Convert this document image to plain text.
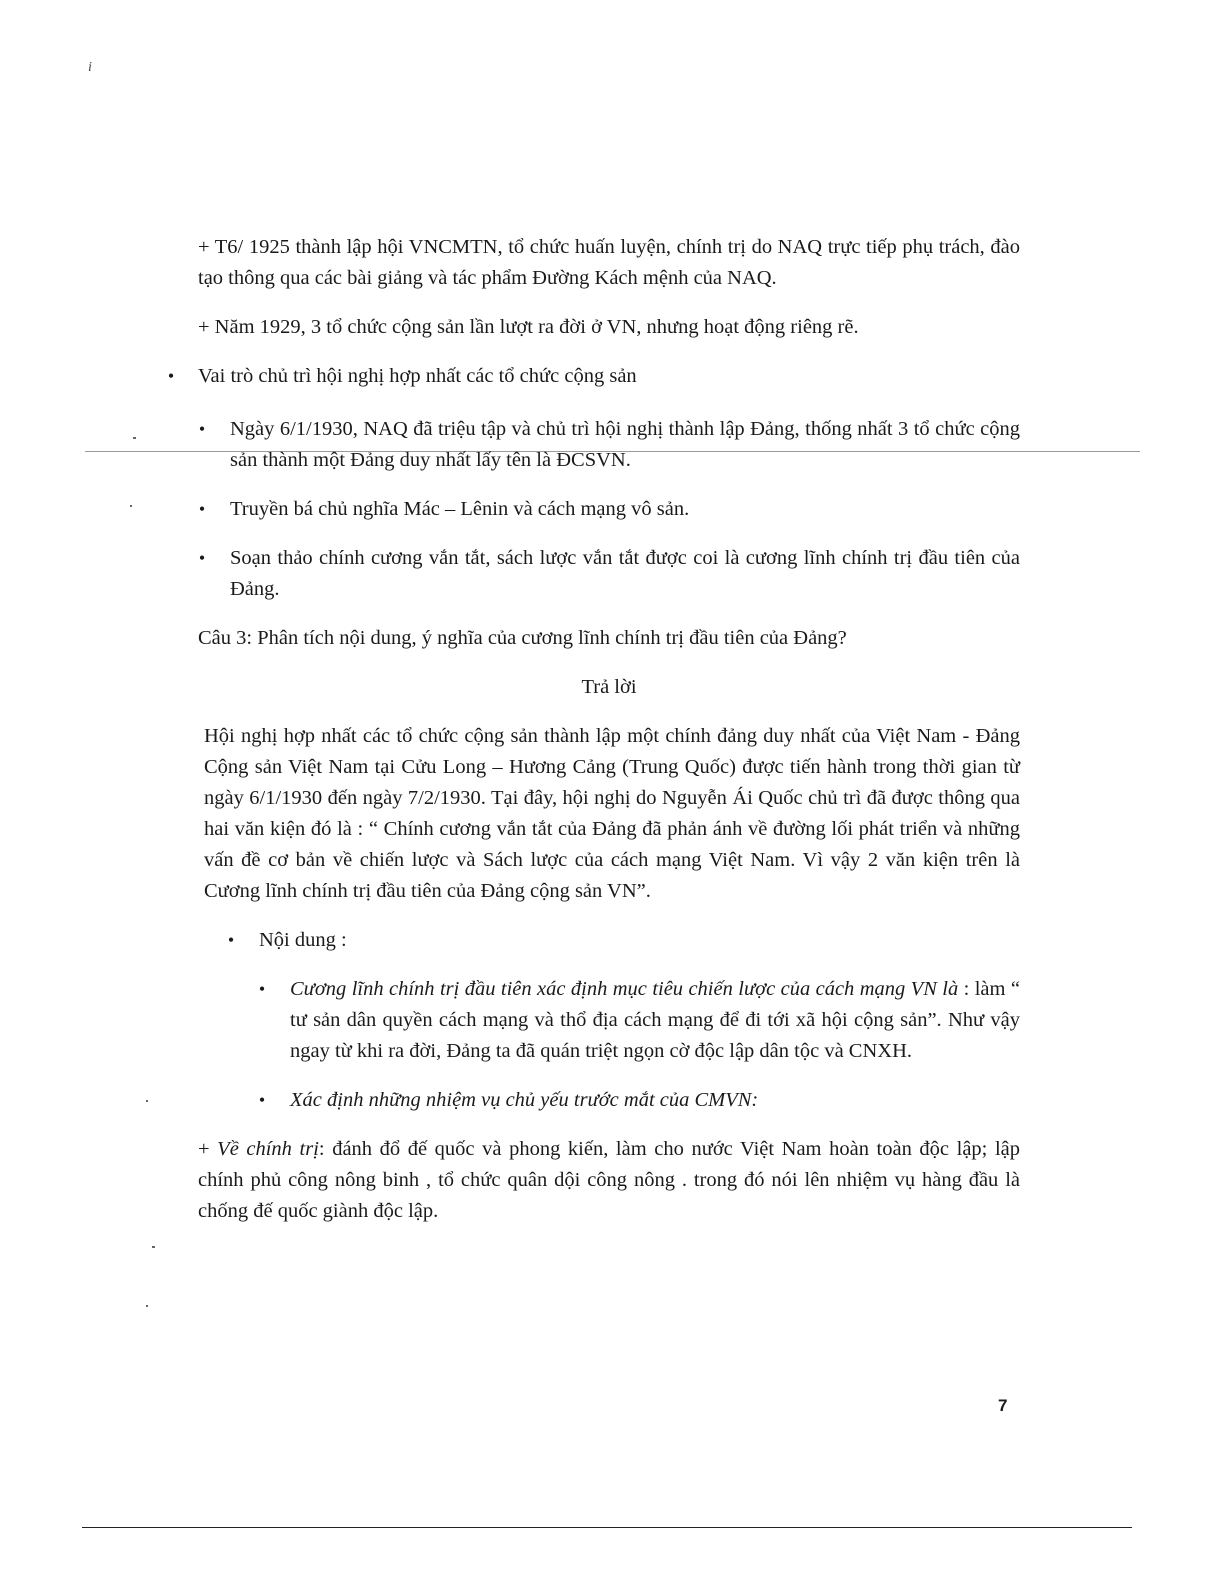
i

+ T6/ 1925 thành lập hội VNCMTN, tổ chức huấn luyện, chính trị do NAQ trực tiếp phụ trách, đào tạo thông qua các bài giảng và tác phẩm Đường Kách mệnh của NAQ.

+ Năm 1929, 3 tổ chức cộng sản lần lượt ra đời ở VN, nhưng hoạt động riêng rẽ.

• Vai trò chủ trì hội nghị hợp nhất các tổ chức cộng sản

•	Ngày 6/1/1930, NAQ đã triệu tập và chủ trì hội nghị thành lập Đảng, thống nhất 3 tổ chức cộng sản thành một Đảng duy nhất lấy tên là ĐCSVN.

•	Truyền bá chủ nghĩa Mác – Lênin và cách mạng vô sản.

•	Soạn thảo chính cương vắn tắt, sách lược vắn tắt được coi là cương lĩnh chính trị đầu tiên của Đảng.

Câu 3: Phân tích nội dung, ý nghĩa của cương lĩnh chính trị đầu tiên của Đảng?

Trả lời

Hội nghị hợp nhất các tổ chức cộng sản thành lập một chính đảng duy nhất của Việt Nam - Đảng Cộng sản Việt Nam tại Cửu Long – Hương Cảng (Trung Quốc) được tiến hành trong thời gian từ ngày 6/1/1930 đến ngày 7/2/1930. Tại đây, hội nghị do Nguyễn Ái Quốc chủ trì đã được thông qua hai văn kiện đó là : “ Chính cương vắn tắt của Đảng đã phản ánh về đường lối phát triển và những vấn đề cơ bản về chiến lược và Sách lược của cách mạng Việt Nam. Vì vậy 2 văn kiện trên là Cương lĩnh chính trị đầu tiên của Đảng cộng sản VN”.

•	Nội dung :

•	Cương lĩnh chính trị đầu tiên xác định mục tiêu chiến lược của cách mạng VN là : làm “ tư sản dân quyền cách mạng và thổ địa cách mạng để đi tới xã hội cộng sản”. Như vậy ngay từ khi ra đời, Đảng ta đã quán triệt ngọn cờ độc lập dân tộc và CNXH.

•	Xác định những nhiệm vụ chủ yếu trước mắt của CMVN:

+ Về chính trị: đánh đổ đế quốc và phong kiến, làm cho nước Việt Nam hoàn toàn độc lập; lập chính phủ công nông binh , tổ chức quân dội công nông . trong đó nói lên nhiệm vụ hàng đầu là chống đế quốc giành độc lập.

7
